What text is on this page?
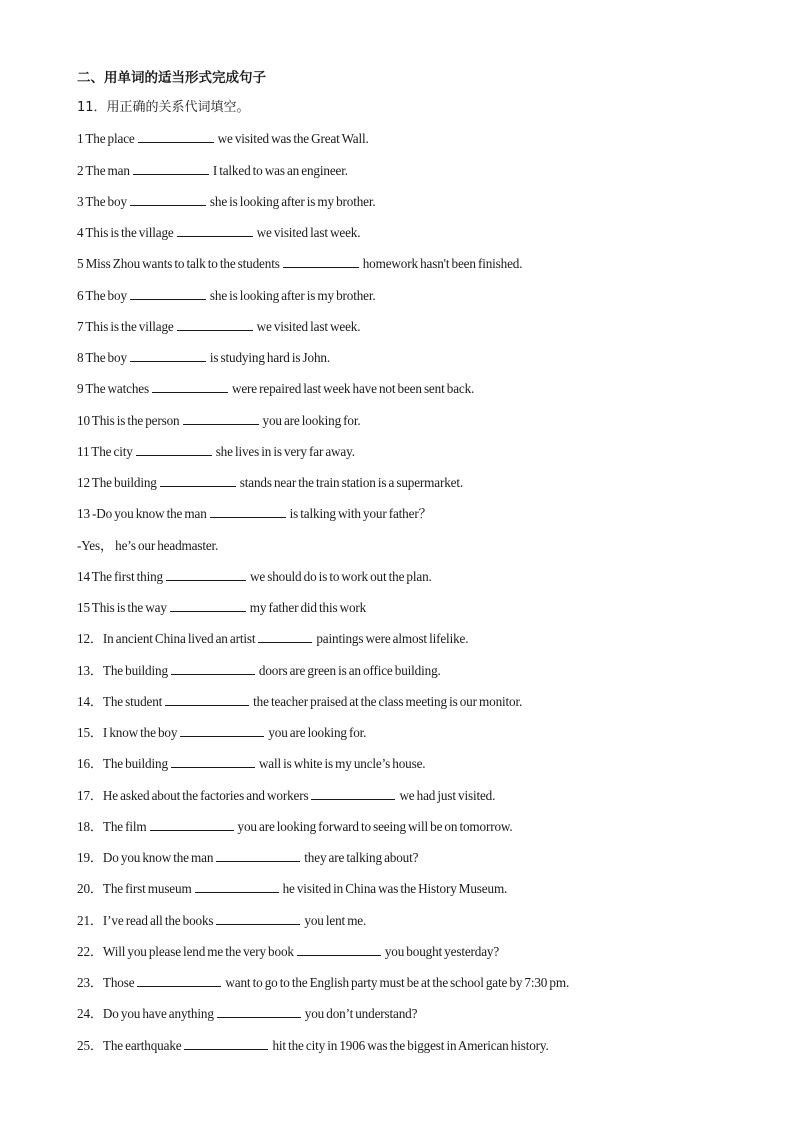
二、用单词的适当形式完成句子
11．用正确的关系代词填空。
1 The place	we visited was the Great Wall.
2 The man	I talked to was an engineer.
3 The boy	she is looking after is my brother.
4 This is the village	we visited last week.
5 Miss Zhou wants to talk to the students	homework hasn't been finished.
6 The boy	she is looking after is my brother.
7 This is the village	we visited last week.
8 The boy	is studying hard is John.
9 The watches	were repaired last week have not been sent back.
10 This is the person	you are looking for.
11 The city	she lives in is very far away.
12 The building	stands near the train station is a supermarket.
13 -Do you know the man	is talking with your father？
-Yes， he’s our headmaster.
14 The first thing	we should do is to work out the plan.
15 This is the way	my father did this work
12．In ancient China lived an artist	paintings were almost lifelike.
13．The building	doors are green is an office building.
14．The student	the teacher praised at the class meeting is our monitor.
15．I know the boy	you are looking for.
16．The building	wall is white is my uncle’s house.
17．He asked about the factories and workers	we had just visited.
18．The film	you are looking forward to seeing will be on tomorrow.
19．Do you know the man	they are talking about?
20．The first museum	he visited in China was the History Museum.
21．I’ve read all the books	you lent me.
22．Will you please lend me the very book	you bought yesterday?
23．Those	want to go to the English party must be at the school gate by 7:30 pm.
24．Do you have anything	you don’t understand?
25．The earthquake	hit the city in 1906 was the biggest in American history.
